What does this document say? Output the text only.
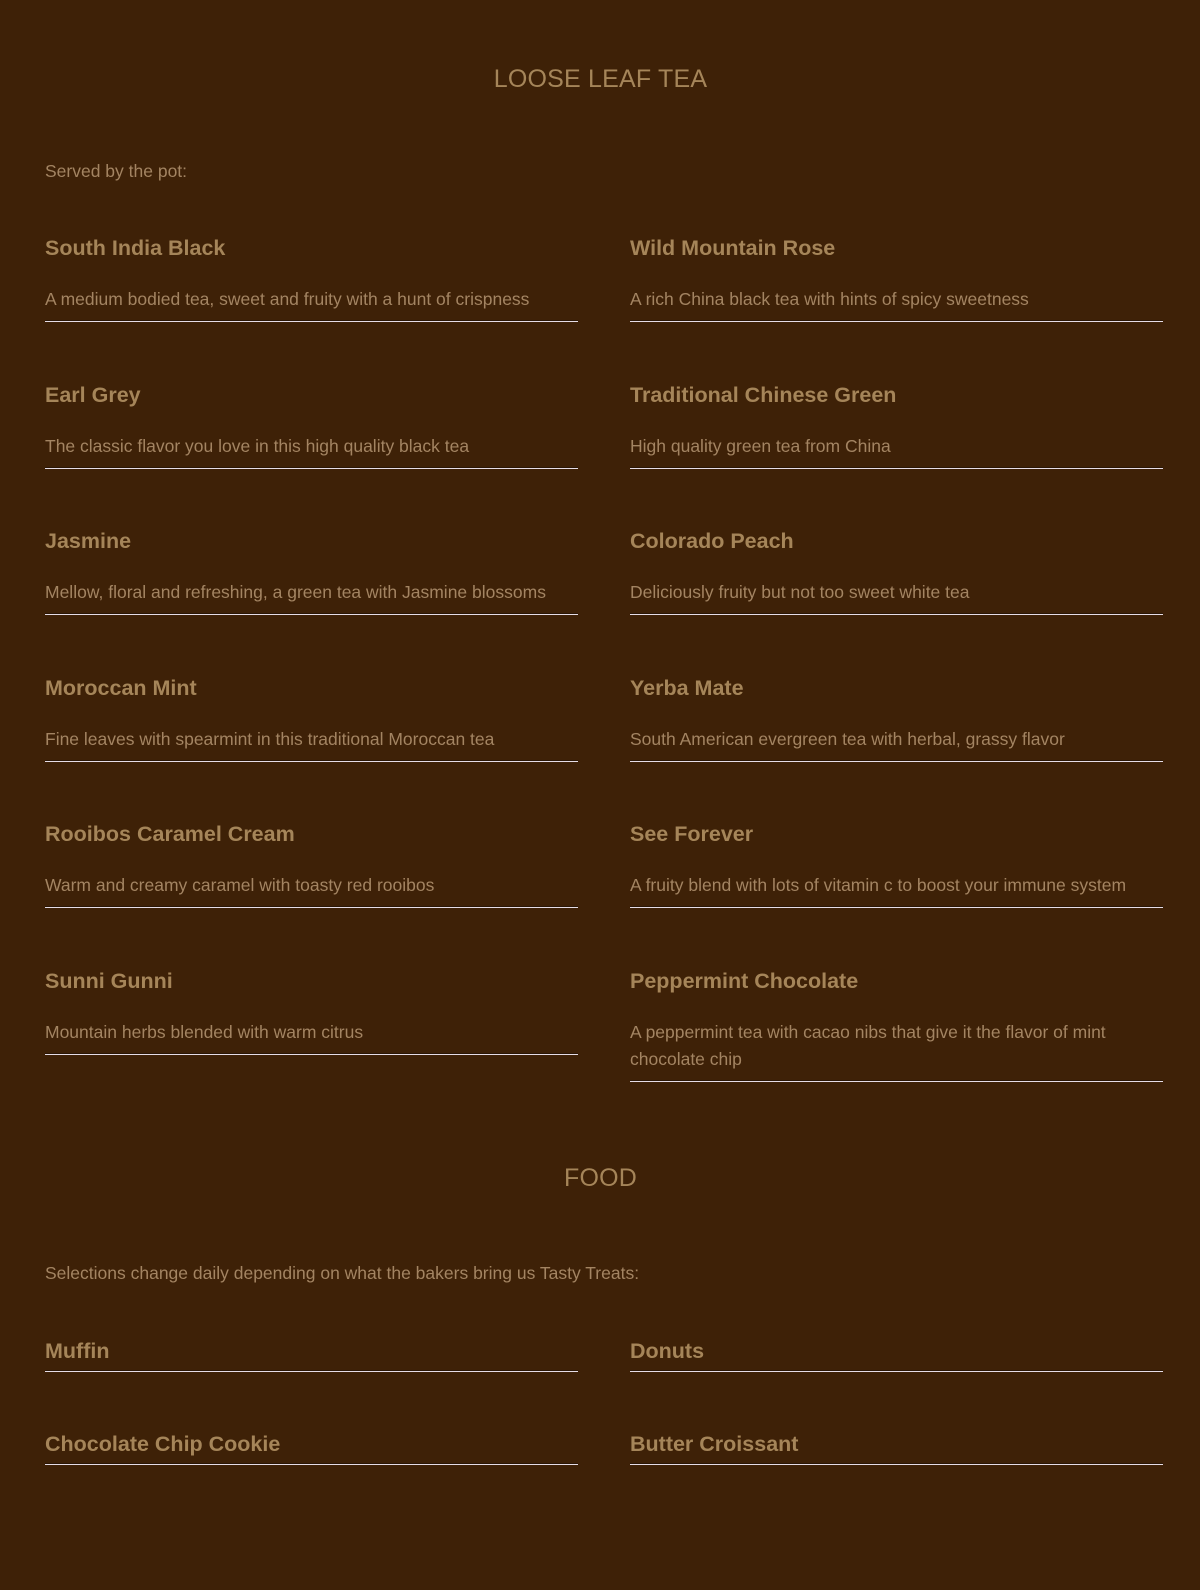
LOOSE LEAF TEA

Served by the pot:

South India Black

A medium bodied tea, sweet and fruity with a hunt of crispness

Wild Mountain Rose

A rich China black tea with hints of spicy sweetness

Earl Grey

The classic flavor you love in this high quality black tea

Traditional Chinese Green

High quality green tea from China

Jasmine

Mellow, floral and refreshing, a green tea with Jasmine blossoms

Colorado Peach

Deliciously fruity but not too sweet white tea

Moroccan Mint

Fine leaves with spearmint in this traditional Moroccan tea

Yerba Mate

South American evergreen tea with herbal, grassy flavor

Rooibos Caramel Cream

Warm and creamy caramel with toasty red rooibos

See Forever

A fruity blend with lots of vitamin c to boost your immune system

Sunni Gunni

Mountain herbs blended with warm citrus

Peppermint Chocolate

A peppermint tea with cacao nibs that give it the flavor of mint chocolate chip

FOOD

Selections change daily depending on what the bakers bring us Tasty Treats:

Muffin	Donuts
Chocolate Chip Cookie	Butter Croissant
